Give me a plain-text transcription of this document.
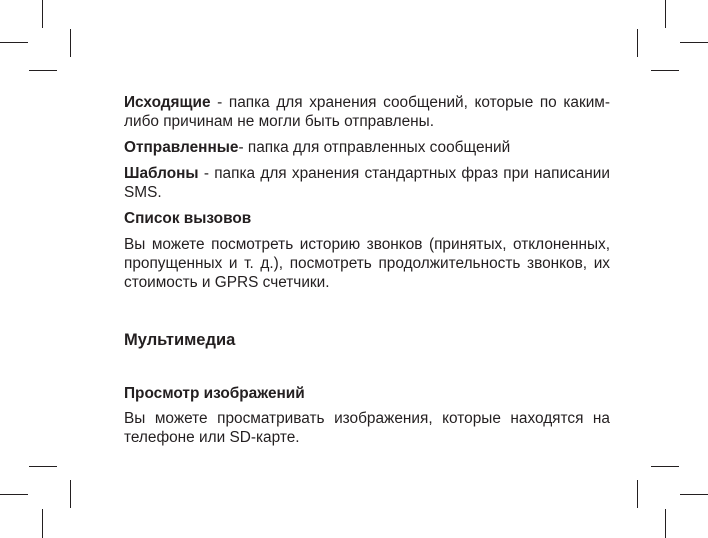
Исходящие - папка для хранения сообщений, которые по каким-либо причинам не могли быть отправлены.

Отправленные- папка для отправленных сообщений

Шаблоны - папка для хранения стандартных фраз при написании SMS.

Список вызовов

Вы можете посмотреть историю звонков (принятых, отклоненных, пропущенных и т. д.), посмотреть продолжительность звонков, их стоимость и GPRS счетчики.

Мультимедиа
Просмотр изображений

Вы можете просматривать изображения, которые находятся на телефоне или SD-карте.
